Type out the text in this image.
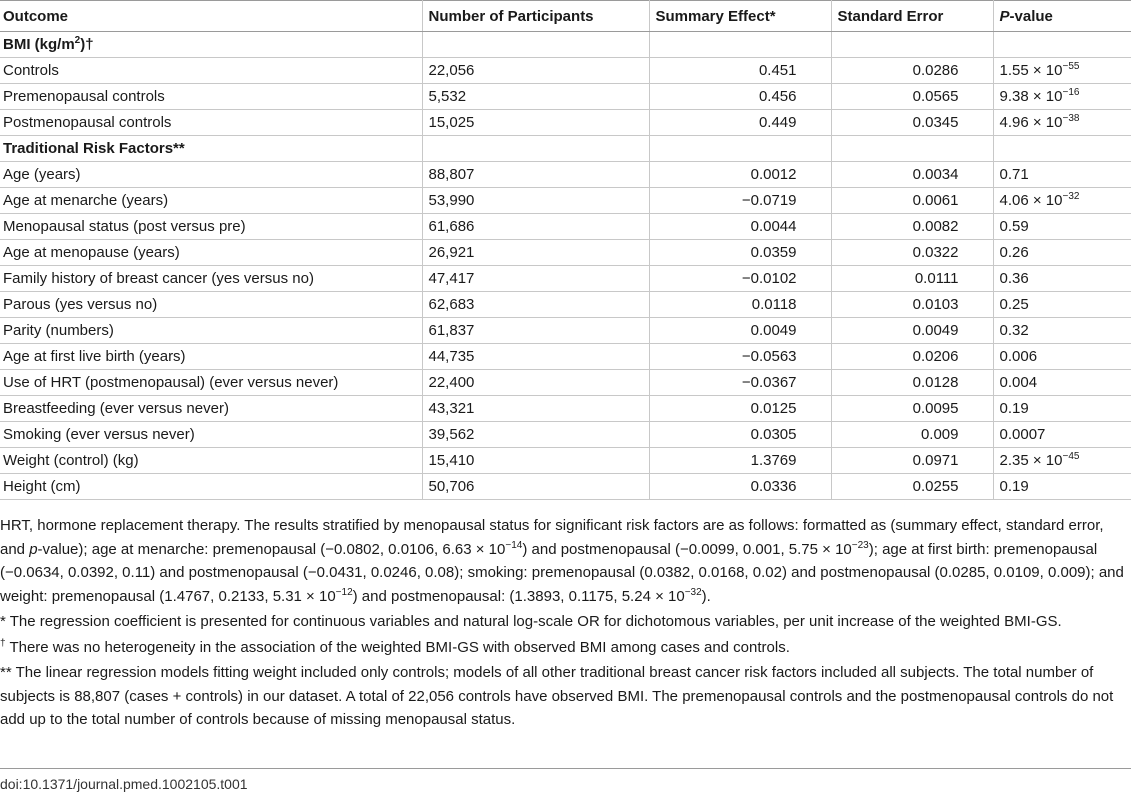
Outcome	Number of Participants	Summary Effect*	Standard Error	P-value
BMI $(kg/m^2)\dagger$				
Controls	22,056	0.451	0.0286	$1.55 \times 10^{-55}$
Premenopausal controls	5,532	0.456	0.0565	$9.38 \times 10^{-16}$
Postmenopausal controls	15,025	0.449	0.0345	$4.96 \times 10^{-38}$
Traditional Risk Factors**				
Age (years)	88,807	0.0012	0.0034	0.71
Age at menarche (years)	53,990	−0.0719	0.0061	$4.06 \times 10^{-32}$
Menopausal status (post versus pre)	61,686	0.0044	0.0082	0.59
Age at menopause (years)	26,921	0.0359	0.0322	0.26
Family history of breast cancer (yes versus no)	47,417	−0.0102	0.0111	0.36
Parous (yes versus no)	62,683	0.0118	0.0103	0.25
Parity (numbers)	61,837	0.0049	0.0049	0.32
Age at first live birth (years)	44,735	−0.0563	0.0206	0.006
Use of HRT (postmenopausal) (ever versus never)	22,400	−0.0367	0.0128	0.004
Breastfeeding (ever versus never)	43,321	0.0125	0.0095	0.19
Smoking (ever versus never)	39,562	0.0305	0.009	0.0007
Weight (control) (kg)	15,410	1.3769	0.0971	$2.35 \times 10^{-45}$
Height (cm)	50,706	0.0336	0.0255	0.19

HRT, hormone replacement therapy. The results stratified by menopausal status for significant risk factors are as follows: formatted as (summary effect, standard error, and p-value); age at menarche: premenopausal (−0.0802, 0.0106, $6.63 \times 10^{-14}$) and postmenopausal (−0.0099, 0.001, $5.75 \times 10^{-23}$); age at first birth: premenopausal (−0.0634, 0.0392, 0.11) and postmenopausal (−0.0431, 0.0246, 0.08); smoking: premenopausal (0.0382, 0.0168, 0.02) and postmenopausal (0.0285, 0.0109, 0.009); and weight: premenopausal (1.4767, 0.2133, $5.31 \times 10^{-12}$) and postmenopausal: (1.3893, 0.1175, $5.24 \times 10^{-32}$).

* The regression coefficient is presented for continuous variables and natural log-scale OR for dichotomous variables, per unit increase of the weighted BMI-GS.

† There was no heterogeneity in the association of the weighted BMI-GS with observed BMI among cases and controls.

** The linear regression models fitting weight included only controls; models of all other traditional breast cancer risk factors included all subjects. The total number of subjects is 88,807 (cases + controls) in our dataset. A total of 22,056 controls have observed BMI. The premenopausal controls and the postmenopausal controls do not add up to the total number of controls because of missing menopausal status.

doi:10.1371/journal.pmed.1002105.t001
